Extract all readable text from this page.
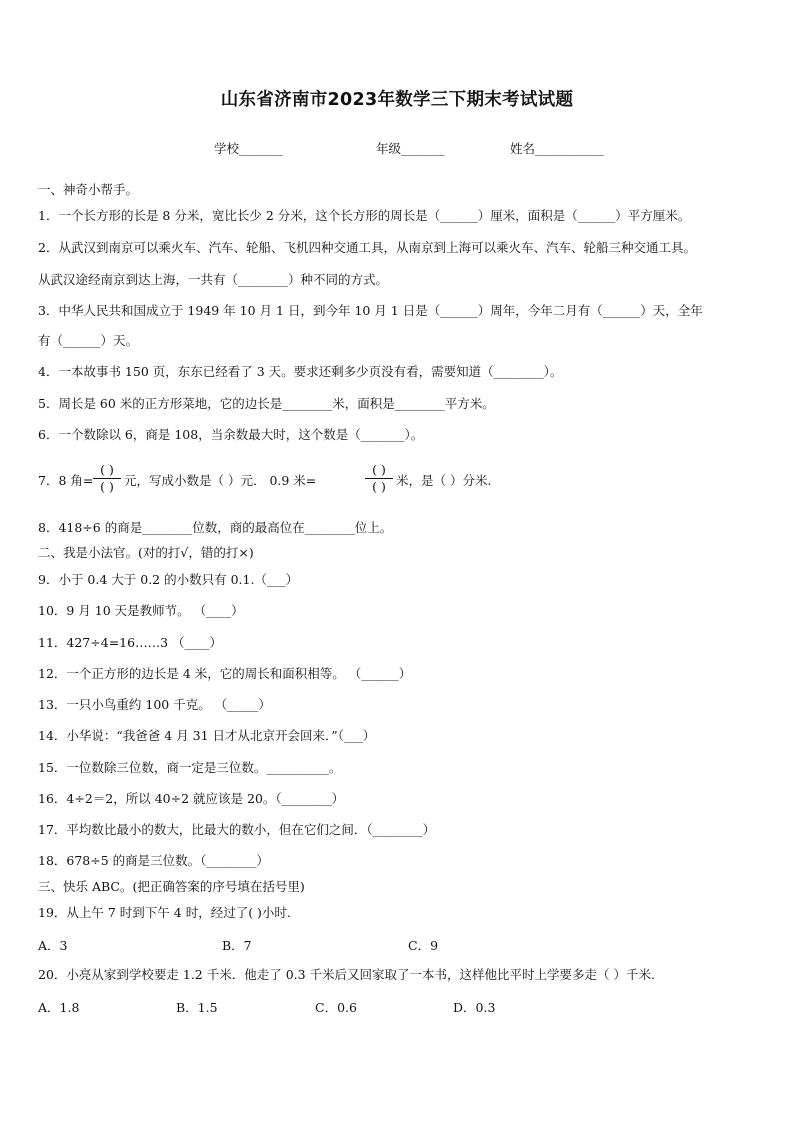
山东省济南市2023年数学三下期末考试试题
学校_______	年级_______	姓名___________
一、神奇小帮手。
1．一个长方形的长是 8 分米，宽比长少 2 分米，这个长方形的周长是（______）厘米，面积是（______）平方厘米。
2．从武汉到南京可以乘火车、汽车、轮船、飞机四种交通工具，从南京到上海可以乘火车、汽车、轮船三种交通工具。
从武汉途经南京到达上海，一共有（________）种不同的方式。
3．中华人民共和国成立于 1949 年 10 月 1 日，到今年 10 月 1 日是（______）周年，今年二月有（______）天，全年
有（______）天。
4．一本故事书 150 页，东东已经看了 3 天。要求还剩多少页没有看，需要知道（________）。
5．周长是 60 米的正方形菜地，它的边长是________米，面积是________平方米。
6．一个数除以 6，商是 108，当余数最大时，这个数是（_______）。
7．8 角=
( )
( ) 元，写成小数是（ ）元． 0.9 米=
( )
( ) 米，是（ ）分米.
8．418÷6 的商是________位数，商的最高位在________位上。
二、我是小法官。(对的打√，错的打×)
9．小于 0.4 大于 0.2 的小数只有 0.1.（___）
10．9 月 10 天是教师节。 （____）
11．427÷4=16……3 （____）
12．一个正方形的边长是 4 米，它的周长和面积相等。 （______）
13．一只小鸟重约 100 千克。 （_____）
14．小华说：“我爸爸 4 月 31 日才从北京开会回来．”（___）
15．一位数除三位数，商一定是三位数。__________。
16．4÷2＝2，所以 40÷2 就应该是 20。（________）
17．平均数比最小的数大，比最大的数小，但在它们之间．（________）
18．678÷5 的商是三位数。（________）
三、快乐 ABC。(把正确答案的序号填在括号里)
19．从上午 7 时到下午 4 时，经过了( )小时.
A．3	B．7	C．9
20．小亮从家到学校要走 1.2 千米．他走了 0.3 千米后又回家取了一本书，这样他比平时上学要多走（ ）千米.
A．1.8	B．1.5	C．0.6	D．0.3
